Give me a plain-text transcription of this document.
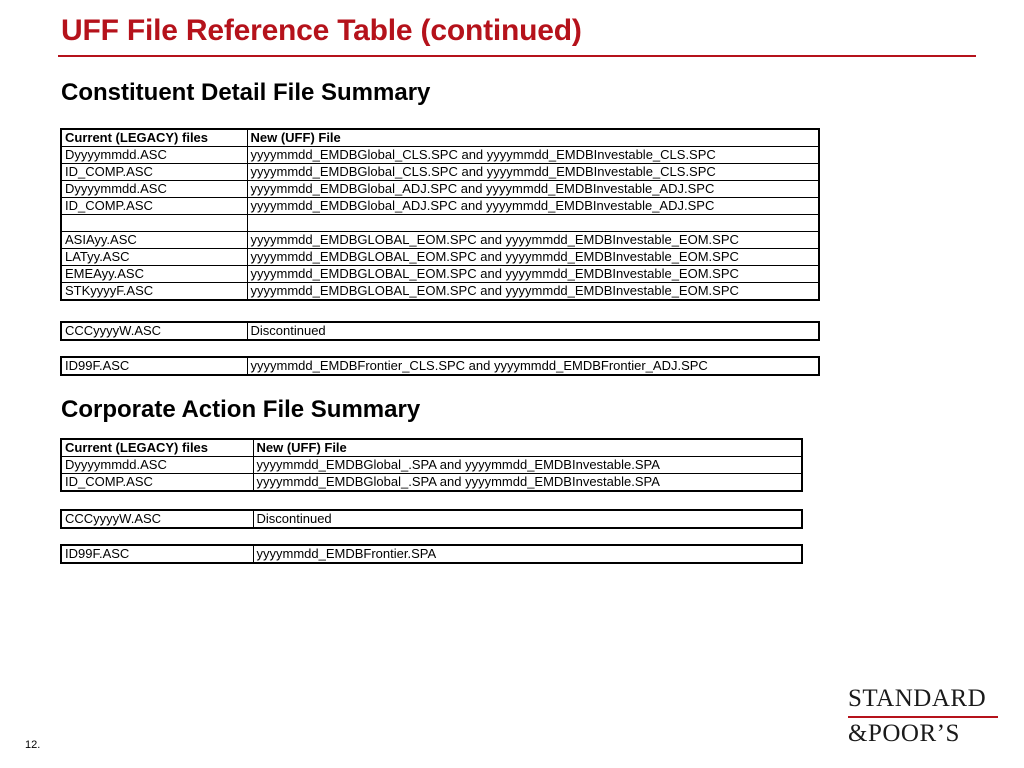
UFF File Reference Table (continued)
Constituent Detail File Summary
Current (LEGACY) files	New (UFF) File
Dyyyymmdd.ASC	yyyymmdd_EMDBGlobal_CLS.SPC and yyyymmdd_EMDBInvestable_CLS.SPC
ID_COMP.ASC	yyyymmdd_EMDBGlobal_CLS.SPC and yyyymmdd_EMDBInvestable_CLS.SPC
Dyyyymmdd.ASC	yyyymmdd_EMDBGlobal_ADJ.SPC and yyyymmdd_EMDBInvestable_ADJ.SPC
ID_COMP.ASC	yyyymmdd_EMDBGlobal_ADJ.SPC and yyyymmdd_EMDBInvestable_ADJ.SPC

ASIAyy.ASC	yyyymmdd_EMDBGLOBAL_EOM.SPC and yyyymmdd_EMDBInvestable_EOM.SPC
LATyy.ASC	yyyymmdd_EMDBGLOBAL_EOM.SPC and yyyymmdd_EMDBInvestable_EOM.SPC
EMEAyy.ASC	yyyymmdd_EMDBGLOBAL_EOM.SPC and yyyymmdd_EMDBInvestable_EOM.SPC
STKyyyyF.ASC	yyyymmdd_EMDBGLOBAL_EOM.SPC and yyyymmdd_EMDBInvestable_EOM.SPC
CCCyyyyW.ASC	Discontinued
ID99F.ASC	yyyymmdd_EMDBFrontier_CLS.SPC and yyyymmdd_EMDBFrontier_ADJ.SPC
Corporate Action File Summary
Current (LEGACY) files	New (UFF) File
Dyyyymmdd.ASC	yyyymmdd_EMDBGlobal_.SPA and yyyymmdd_EMDBInvestable.SPA
ID_COMP.ASC	yyyymmdd_EMDBGlobal_.SPA and yyyymmdd_EMDBInvestable.SPA
CCCyyyyW.ASC	Discontinued
ID99F.ASC	yyyymmdd_EMDBFrontier.SPA
12.
STANDARD
&POOR’S
